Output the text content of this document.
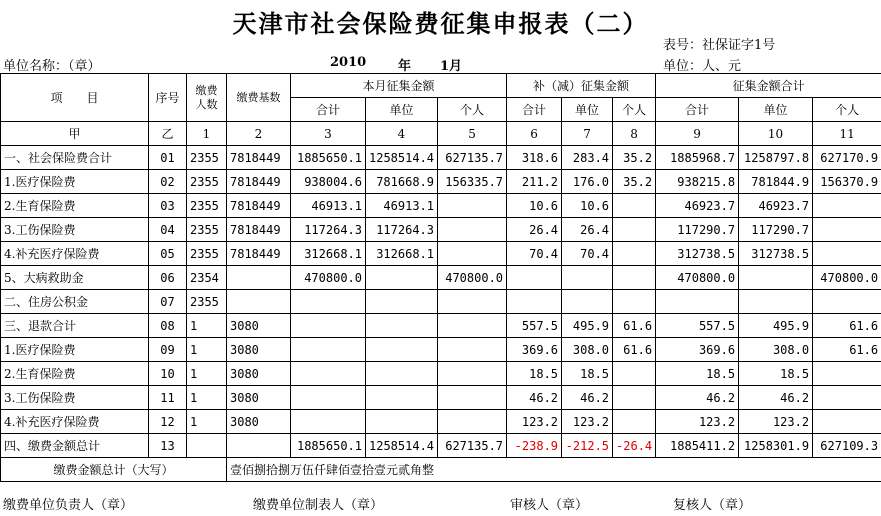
天津市社会保险费征集申报表（二）
表号：社保证字1号
单位名称：（章）	2010 年 1月	单位：人、元
项　　目	序号	缴费人数	缴费基数	本月征集金额			补（减）征集金额			征集金额合计		
				合计	单位	个人	合计	单位	个人	合计	单位	个人
甲	乙	1	2	3	4	5	6	7	8	9	10	11
一、社会保险费合计	01	2355	7818449	1885650.1	1258514.4	627135.7	318.6	283.4	35.2	1885968.7	1258797.8	627170.9
1.医疗保险费	02	2355	7818449	938004.6	781668.9	156335.7	211.2	176.0	35.2	938215.8	781844.9	156370.9
2.生育保险费	03	2355	7818449	46913.1	46913.1		10.6	10.6		46923.7	46923.7	
3.工伤保险费	04	2355	7818449	117264.3	117264.3		26.4	26.4		117290.7	117290.7	
4.补充医疗保险费	05	2355	7818449	312668.1	312668.1		70.4	70.4		312738.5	312738.5	
5、大病救助金	06	2354		470800.0		470800.0				470800.0		470800.0
二、住房公积金	07	2355										
三、退款合计	08	1	3080				557.5	495.9	61.6	557.5	495.9	61.6
1.医疗保险费	09	1	3080				369.6	308.0	61.6	369.6	308.0	61.6
2.生育保险费	10	1	3080				18.5	18.5		18.5	18.5	
3.工伤保险费	11	1	3080				46.2	46.2		46.2	46.2	
4.补充医疗保险费	12	1	3080				123.2	123.2		123.2	123.2	
四、缴费金额总计	13			1885650.1	1258514.4	627135.7	-238.9	-212.5	-26.4	1885411.2	1258301.9	627109.3
缴费金额总计（大写）			壹佰捌拾捌万伍仟肆佰壹拾壹元贰角整									
缴费单位负责人（章）	缴费单位制表人（章）	审核人（章）	复核人（章）
